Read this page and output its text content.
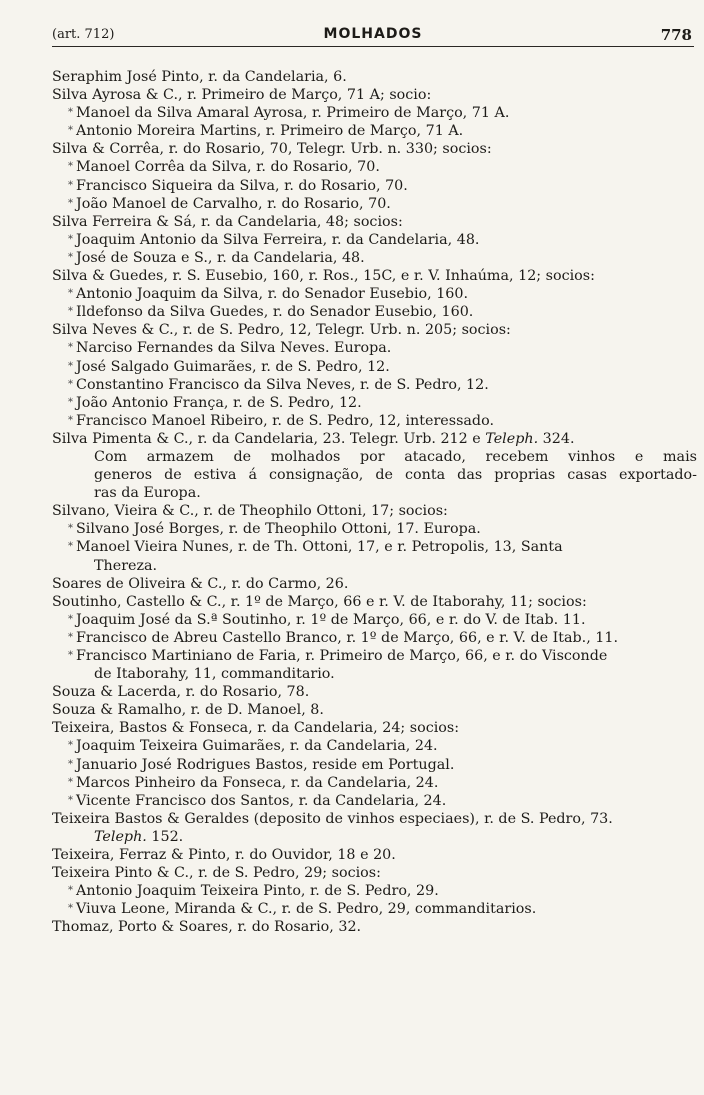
(art. 712)	MOLHADOS	778
Seraphim José Pinto, r. da Candelaria, 6.
Silva Ayrosa & C., r. Primeiro de Março, 71 A; socio:
* Manoel da Silva Amaral Ayrosa, r. Primeiro de Março, 71 A.
* Antonio Moreira Martins, r. Primeiro de Março, 71 A.
Silva & Corrêa, r. do Rosario, 70, Telegr. Urb. n. 330; socios:
* Manoel Corrêa da Silva, r. do Rosario, 70.
* Francisco Siqueira da Silva, r. do Rosario, 70.
* João Manoel de Carvalho, r. do Rosario, 70.
Silva Ferreira & Sá, r. da Candelaria, 48; socios:
* Joaquim Antonio da Silva Ferreira, r. da Candelaria, 48.
* José de Souza e S., r. da Candelaria, 48.
Silva & Guedes, r. S. Eusebio, 160, r. Ros., 15C, e r. V. Inhaúma, 12; socios:
* Antonio Joaquim da Silva, r. do Senador Eusebio, 160.
* Ildefonso da Silva Guedes, r. do Senador Eusebio, 160.
Silva Neves & C., r. de S. Pedro, 12, Telegr. Urb. n. 205; socios:
* Narciso Fernandes da Silva Neves. Europa.
* José Salgado Guimarães, r. de S. Pedro, 12.
* Constantino Francisco da Silva Neves, r. de S. Pedro, 12.
* João Antonio França, r. de S. Pedro, 12.
* Francisco Manoel Ribeiro, r. de S. Pedro, 12, interessado.
Silva Pimenta & C., r. da Candelaria, 23. Telegr. Urb. 212 e Teleph. 324.
Com armazem de molhados por atacado, recebem vinhos e mais
generos de estiva á consignação, de conta das proprias casas exportado-
ras da Europa.
Silvano, Vieira & C., r. de Theophilo Ottoni, 17; socios:
* Silvano José Borges, r. de Theophilo Ottoni, 17. Europa.
* Manoel Vieira Nunes, r. de Th. Ottoni, 17, e r. Petropolis, 13, Santa
Thereza.
Soares de Oliveira & C., r. do Carmo, 26.
Soutinho, Castello & C., r. 1º de Março, 66 e r. V. de Itaborahy, 11; socios:
* Joaquim José da S.ª Soutinho, r. 1º de Março, 66, e r. do V. de Itab. 11.
* Francisco de Abreu Castello Branco, r. 1º de Março, 66, e r. V. de Itab., 11.
* Francisco Martiniano de Faria, r. Primeiro de Março, 66, e r. do Visconde
de Itaborahy, 11, commanditario.
Souza & Lacerda, r. do Rosario, 78.
Souza & Ramalho, r. de D. Manoel, 8.
Teixeira, Bastos & Fonseca, r. da Candelaria, 24; socios:
* Joaquim Teixeira Guimarães, r. da Candelaria, 24.
* Januario José Rodrigues Bastos, reside em Portugal.
* Marcos Pinheiro da Fonseca, r. da Candelaria, 24.
* Vicente Francisco dos Santos, r. da Candelaria, 24.
Teixeira Bastos & Geraldes (deposito de vinhos especiaes), r. de S. Pedro, 73.
Teleph. 152.
Teixeira, Ferraz & Pinto, r. do Ouvidor, 18 e 20.
Teixeira Pinto & C., r. de S. Pedro, 29; socios:
* Antonio Joaquim Teixeira Pinto, r. de S. Pedro, 29.
* Viuva Leone, Miranda & C., r. de S. Pedro, 29, commanditarios.
Thomaz, Porto & Soares, r. do Rosario, 32.
